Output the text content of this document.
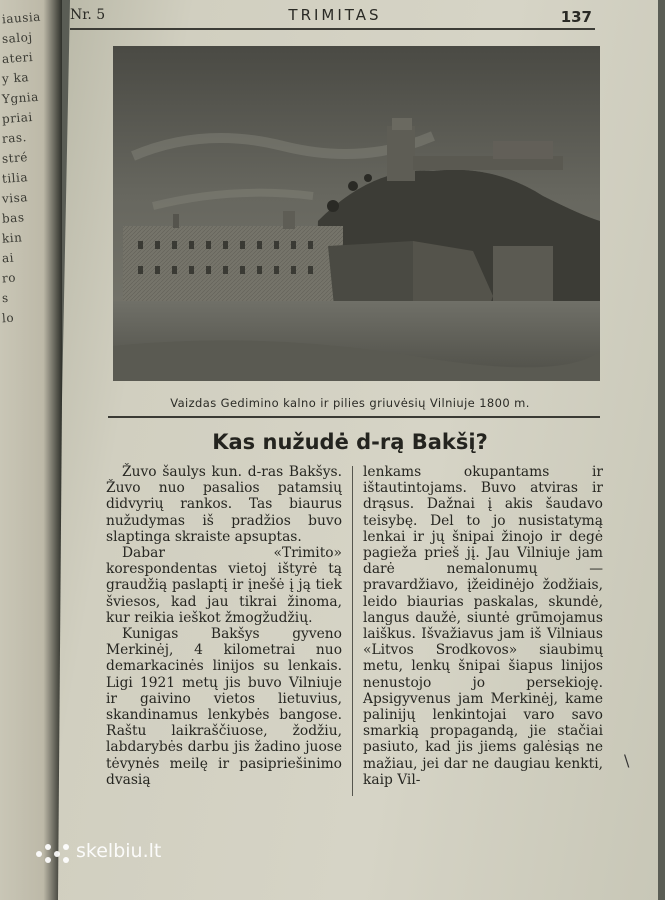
iausia
saloj
ateri
y ka
Ygnia
priai
ras.
stré
tilia
visa
bas
kin
ai
ro
s
lo
Nr. 5	TRIMITAS	137
Vaizdas Gedimino kalno ir pilies griuvėsių Vilniuje 1800 m.
Kas nužudė d-rą Bakšį?

Žuvo šaulys kun. d-ras Bakšys. Žuvo nuo pasalios patamsių didvyrių rankos. Tas biaurus nužudymas iš pradžios buvo slaptinga skraiste apsuptas.

Dabar «Trimito» korespondentas vietoj ištyrė tą graudžią paslaptį ir įnešė į ją tiek šviesos, kad jau tikrai žinoma, kur reikia ieškot žmogžudžių.

Kunigas Bakšys gyveno Merkinėj, 4 kilometrai nuo demarkacinės linijos su lenkais. Ligi 1921 metų jis buvo Vilniuje ir gaivino vietos lietuvius, skandinamus lenkybės bangose. Raštu laikraščiuose, žodžiu, labdarybės darbu jis žadino juose tėvynės meilę ir pasipriešinimo dvasią

lenkams okupantams ir ištautintojams. Buvo atviras ir drąsus. Dažnai į akis šaudavo teisybę. Del to jo nusistatymą lenkai ir jų šnipai žinojo ir degė pagieža prieš jį. Jau Vilniuje jam darė nemalonumų — pravardžiavo, įžeidinėjo žodžiais, leido biaurias paskalas, skundė, langus daužė, siuntė grūmojamus laiškus. Išvažiavus jam iš Vilniaus «Litvos Srodkovos» siaubimų metu, lenkų šnipai šiapus linijos nenustojo jo persekioję. Apsigyvenus jam Merkinėj, kame palinijų lenkintojai varo savo smarkią propagandą, jie stačiai pasiuto, kad jis jiems galėsiąs ne mažiau, jei dar ne daugiau kenkti, kaip Vil-

\
skelbiu.lt
